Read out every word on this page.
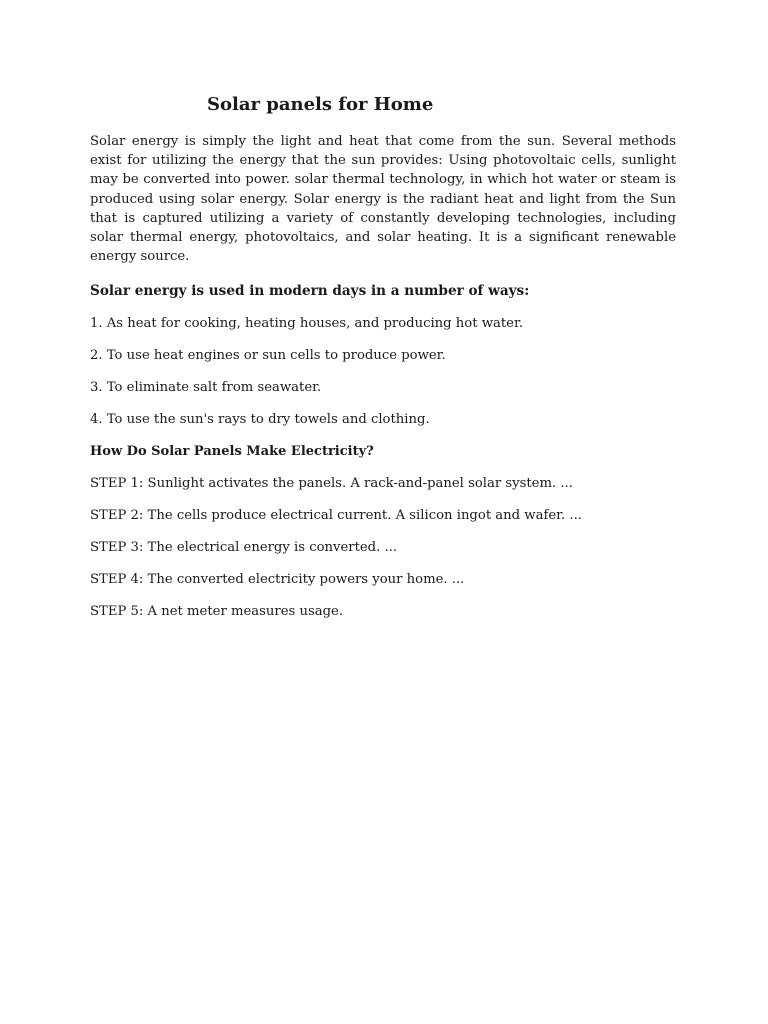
Solar panels for Home

Solar energy is simply the light and heat that come from the sun. Several methods exist for utilizing the energy that the sun provides: Using photovoltaic cells, sunlight may be converted into power. solar thermal technology, in which hot water or steam is produced using solar energy. Solar energy is the radiant heat and light from the Sun that is captured utilizing a variety of constantly developing technologies, including solar thermal energy, photovoltaics, and solar heating. It is a significant renewable energy source.

Solar energy is used in modern days in a number of ways:

1. As heat for cooking, heating houses, and producing hot water.

2. To use heat engines or sun cells to produce power.

3. To eliminate salt from seawater.

4. To use the sun's rays to dry towels and clothing.

How Do Solar Panels Make Electricity?

STEP 1: Sunlight activates the panels. A rack-and-panel solar system. ...

STEP 2: The cells produce electrical current. A silicon ingot and wafer. ...

STEP 3: The electrical energy is converted. ...

STEP 4: The converted electricity powers your home. ...

STEP 5: A net meter measures usage.
